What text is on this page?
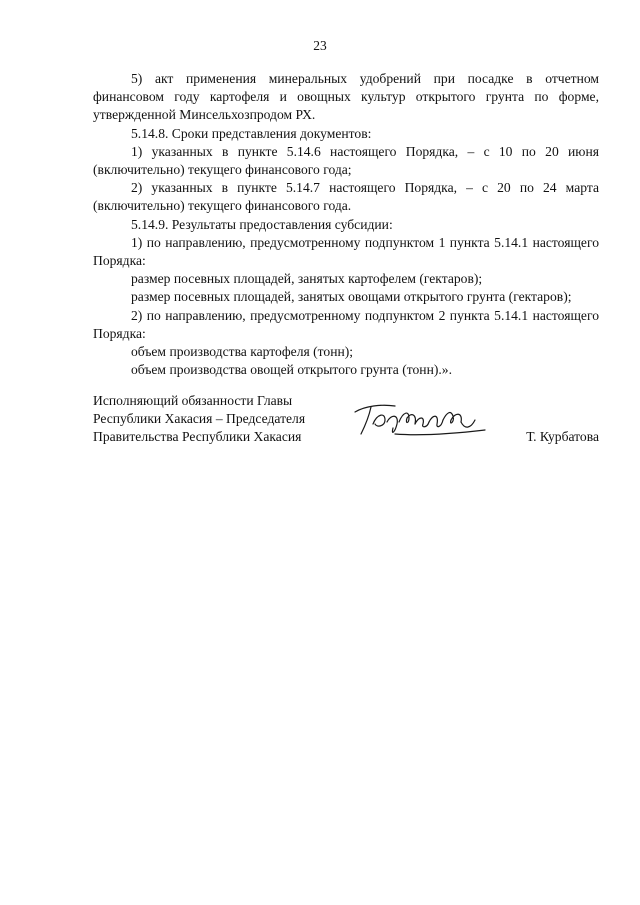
23

5) акт применения минеральных удобрений при посадке в отчетном финансовом году картофеля и овощных культур открытого грунта по форме, утвержденной Минсельхозпродом РХ.

5.14.8. Сроки представления документов:

1) указанных в пункте 5.14.6 настоящего Порядка, – с 10 по 20 июня (включительно) текущего финансового года;

2) указанных в пункте 5.14.7 настоящего Порядка, – с 20 по 24 марта (включительно) текущего финансового года.

5.14.9. Результаты предоставления субсидии:

1) по направлению, предусмотренному подпунктом 1 пункта 5.14.1 настоящего Порядка:

размер посевных площадей, занятых картофелем (гектаров);

размер посевных площадей, занятых овощами открытого грунта (гектаров);

2) по направлению, предусмотренному подпунктом 2 пункта 5.14.1 настоящего Порядка:

объем производства картофеля (тонн);

объем производства овощей открытого грунта (тонн).».

Исполняющий обязанности Главы
Республики Хакасия – Председателя
Правительства Республики Хакасия	Т. Курбатова
